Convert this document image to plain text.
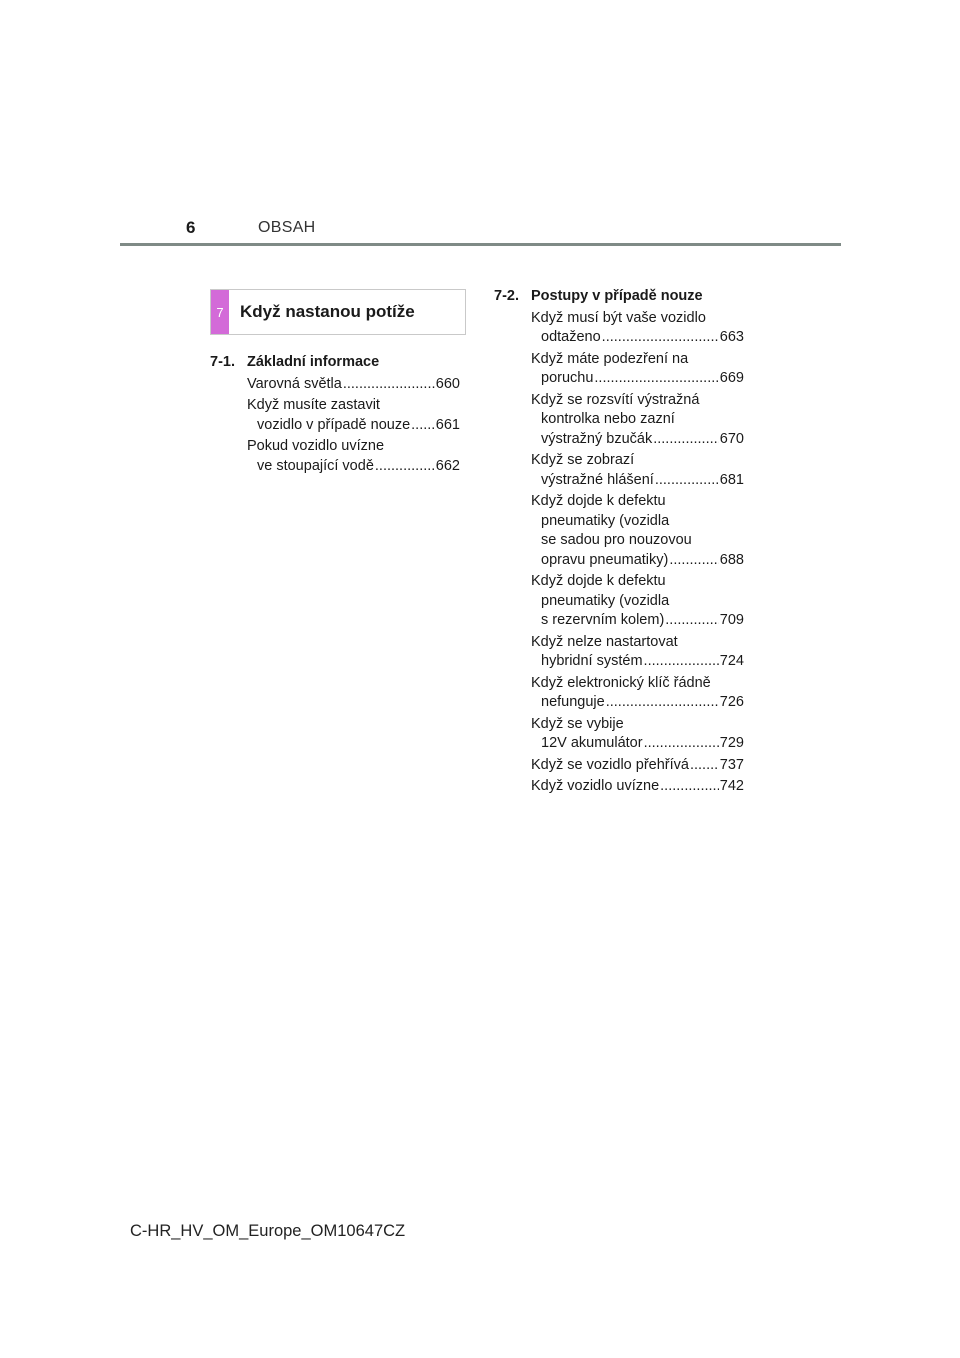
6	OBSAH
7 Když nastanou potíže
7-1. Základní informace
Varovná světla .....	660
Když musíte zastavit
vozidlo v případě nouze ..... 661
Pokud vozidlo uvízne
ve stoupající vodě .....	662
7-2. Postupy v případě nouze
Když musí být vaše vozidlo
odtaženo .....	663
Když máte podezření na
poruchu .....	669
Když se rozsvítí výstražná
kontrolka nebo zazní
výstražný bzučák .....	670
Když se zobrazí
výstražné hlášení .....	681
Když dojde k defektu
pneumatiky (vozidla
se sadou pro nouzovou
opravu pneumatiky) .....	688
Když dojde k defektu
pneumatiky (vozidla
s rezervním kolem) .....	709
Když nelze nastartovat
hybridní systém .....	724
Když elektronický klíč řádně
nefunguje .....	726
Když se vybije
12V akumulátor .....	729
Když se vozidlo přehřívá ..... 737
Když vozidlo uvízne .....	742
C-HR_HV_OM_Europe_OM10647CZ
